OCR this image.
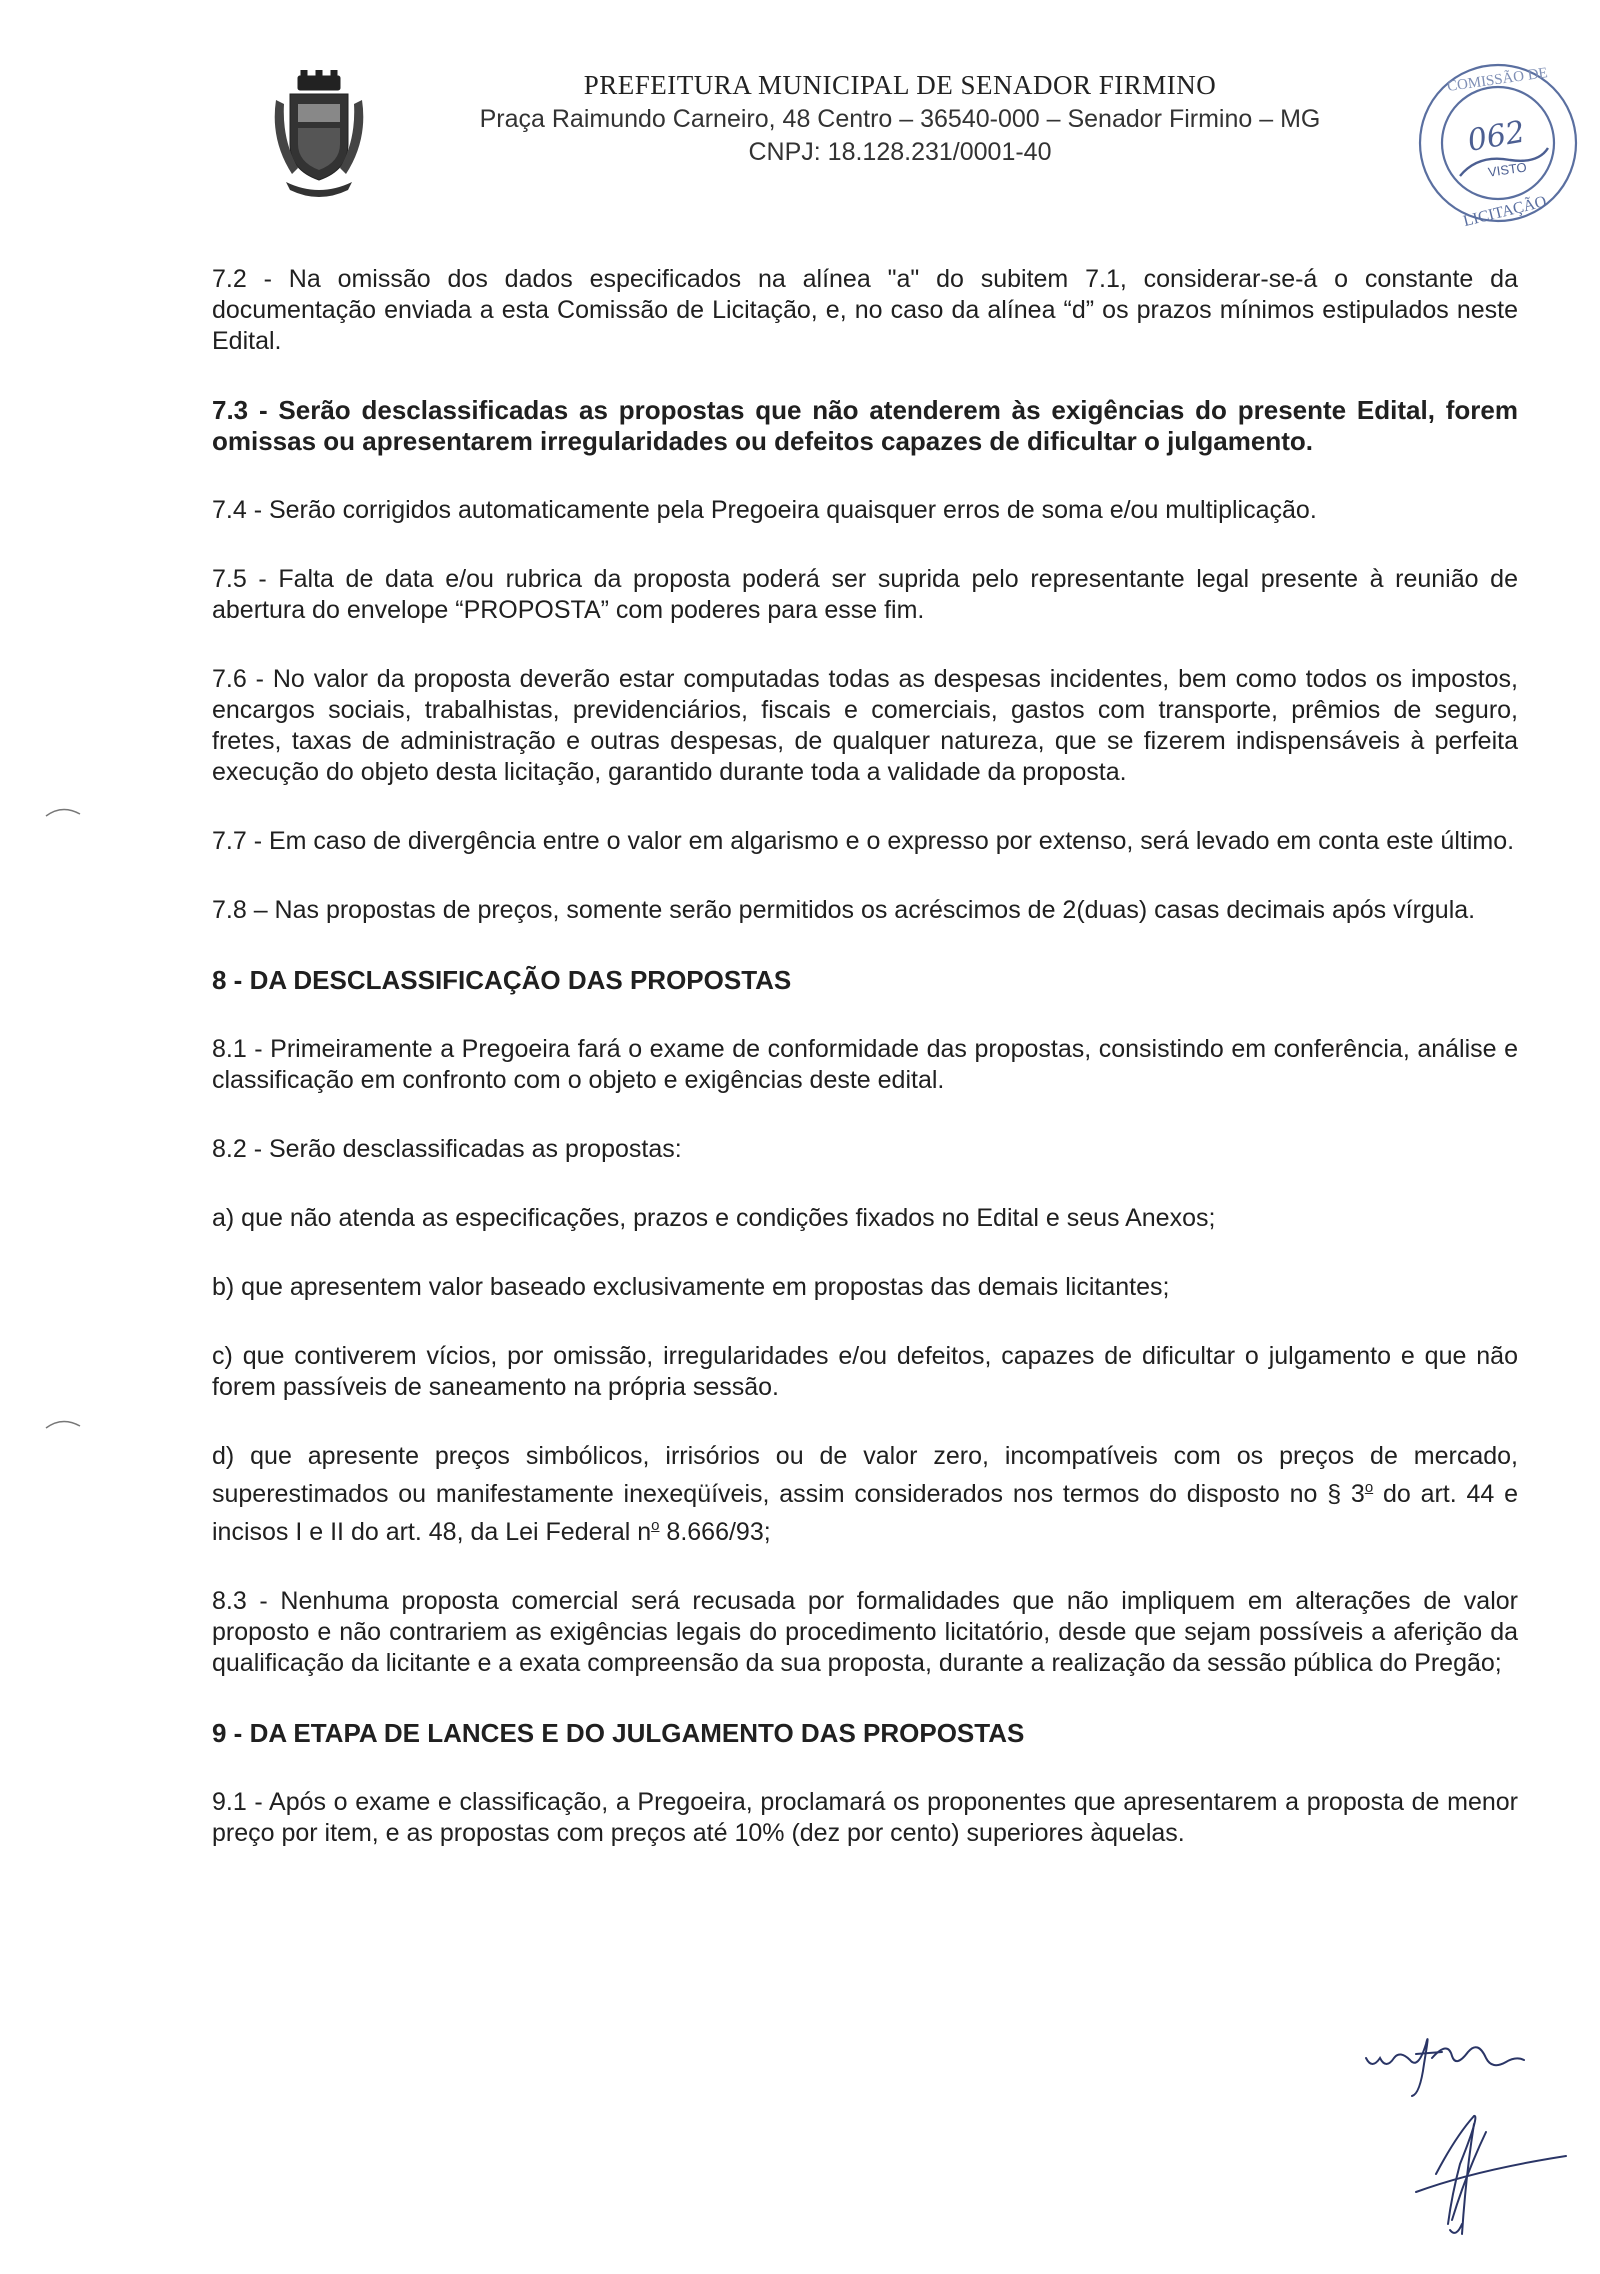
PREFEITURA MUNICIPAL DE SENADOR FIRMINO
Praça Raimundo Carneiro, 48 Centro – 36540-000 – Senador Firmino – MG
CNPJ: 18.128.231/0001-40
COMISSÃO DE
LICITAÇÃO
062
VISTO

7.2 - Na omissão dos dados especificados na alínea "a" do subitem 7.1, considerar-se-á o constante da documentação enviada a esta Comissão de Licitação, e, no caso da alínea “d” os prazos mínimos estipulados neste Edital.

7.3 - Serão desclassificadas as propostas que não atenderem às exigências do presente Edital, forem omissas ou apresentarem irregularidades ou defeitos capazes de dificultar o julgamento.

7.4 - Serão corrigidos automaticamente pela Pregoeira quaisquer erros de soma e/ou multiplicação.

7.5 - Falta de data e/ou rubrica da proposta poderá ser suprida pelo representante legal presente à reunião de abertura do envelope “PROPOSTA” com poderes para esse fim.

7.6 - No valor da proposta deverão estar computadas todas as despesas incidentes, bem como todos os impostos, encargos sociais, trabalhistas, previdenciários, fiscais e comerciais, gastos com transporte, prêmios de seguro, fretes, taxas de administração e outras despesas, de qualquer natureza, que se fizerem indispensáveis à perfeita execução do objeto desta licitação, garantido durante toda a validade da proposta.

7.7 - Em caso de divergência entre o valor em algarismo e o expresso por extenso, será levado em conta este último.

7.8 – Nas propostas de preços, somente serão permitidos os acréscimos de 2(duas) casas decimais após vírgula.

8 - DA DESCLASSIFICAÇÃO DAS PROPOSTAS

8.1 - Primeiramente a Pregoeira fará o exame de conformidade das propostas, consistindo em conferência, análise e classificação em confronto com o objeto e exigências deste edital.

8.2 - Serão desclassificadas as propostas:

a) que não atenda as especificações, prazos e condições fixados no Edital e seus Anexos;

b) que apresentem valor baseado exclusivamente em propostas das demais licitantes;

c) que contiverem vícios, por omissão, irregularidades e/ou defeitos, capazes de dificultar o julgamento e que não forem passíveis de saneamento na própria sessão.

d) que apresente preços simbólicos, irrisórios ou de valor zero, incompatíveis com os preços de mercado, superestimados ou manifestamente inexeqüíveis, assim considerados nos termos do disposto no § 3$^o$ do art. 44 e incisos I e II do art. 48, da Lei Federal $n^o$ 8.666/93;

8.3 - Nenhuma proposta comercial será recusada por formalidades que não impliquem em alterações de valor proposto e não contrariem as exigências legais do procedimento licitatório, desde que sejam possíveis a aferição da qualificação da licitante e a exata compreensão da sua proposta, durante a realização da sessão pública do Pregão;

9 - DA ETAPA DE LANCES E DO JULGAMENTO DAS PROPOSTAS

9.1 - Após o exame e classificação, a Pregoeira, proclamará os proponentes que apresentarem a proposta de menor preço por item, e as propostas com preços até 10% (dez por cento) superiores àquelas.
